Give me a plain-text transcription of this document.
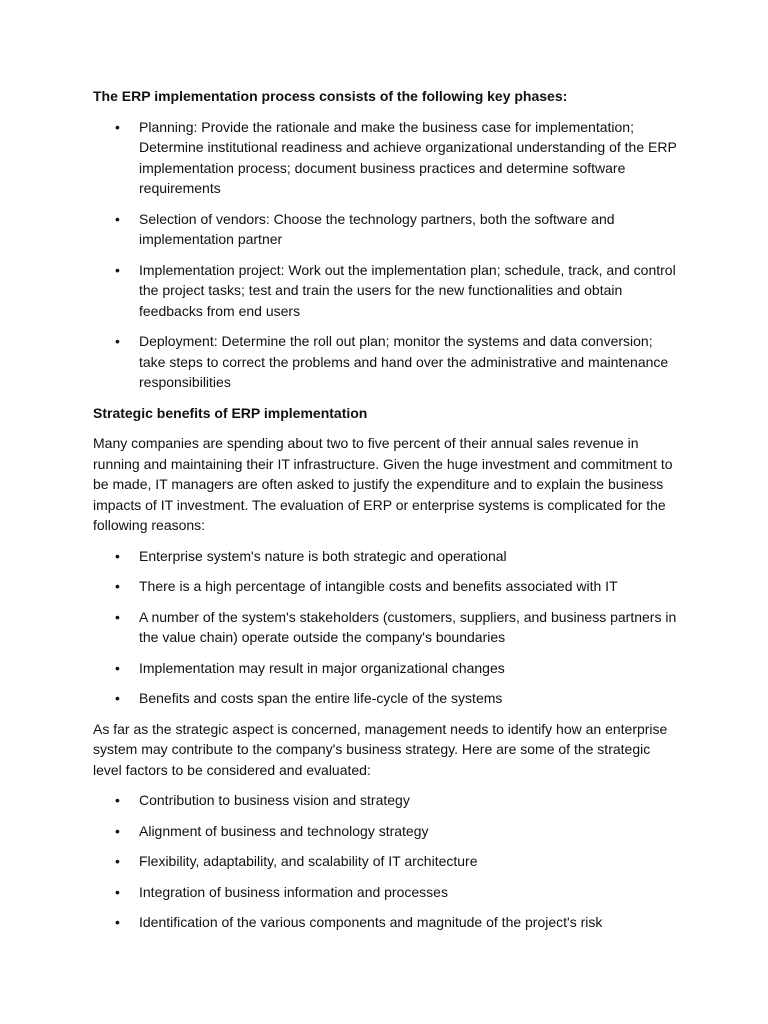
The ERP implementation process consists of the following key phases:

• Planning: Provide the rationale and make the business case for implementation; Determine institutional readiness and achieve organizational understanding of the ERP implementation process; document business practices and determine software requirements
• Selection of vendors: Choose the technology partners, both the software and implementation partner
• Implementation project: Work out the implementation plan; schedule, track, and control the project tasks; test and train the users for the new functionalities and obtain feedbacks from end users
• Deployment: Determine the roll out plan; monitor the systems and data conversion; take steps to correct the problems and hand over the administrative and maintenance responsibilities

Strategic benefits of ERP implementation

Many companies are spending about two to five percent of their annual sales revenue in running and maintaining their IT infrastructure. Given the huge investment and commitment to be made, IT managers are often asked to justify the expenditure and to explain the business impacts of IT investment. The evaluation of ERP or enterprise systems is complicated for the following reasons:

• Enterprise system's nature is both strategic and operational
• There is a high percentage of intangible costs and benefits associated with IT
• A number of the system's stakeholders (customers, suppliers, and business partners in the value chain) operate outside the company's boundaries
• Implementation may result in major organizational changes
• Benefits and costs span the entire life-cycle of the systems

As far as the strategic aspect is concerned, management needs to identify how an enterprise system may contribute to the company's business strategy. Here are some of the strategic level factors to be considered and evaluated:

• Contribution to business vision and strategy
• Alignment of business and technology strategy
• Flexibility, adaptability, and scalability of IT architecture
• Integration of business information and processes
• Identification of the various components and magnitude of the project's risk
